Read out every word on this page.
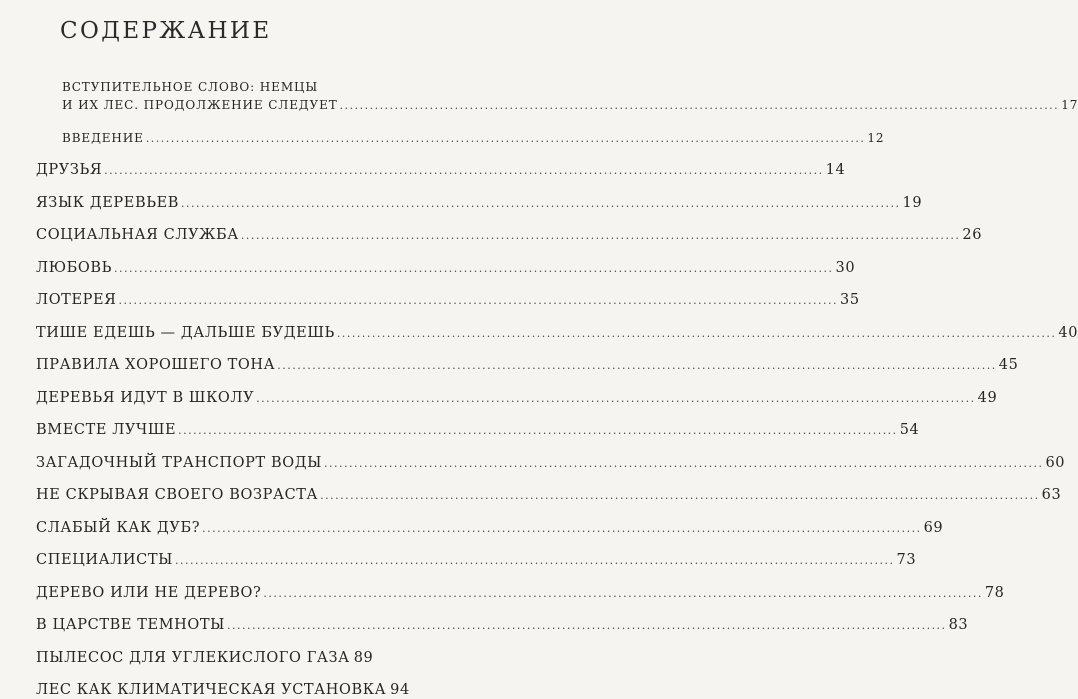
СОДЕРЖАНИЕ
ВСТУПИТЕЛЬНОЕ СЛОВО: НЕМЦЫ
И ИХ ЛЕС. ПРОДОЛЖЕНИЕ СЛЕДУЕТ .....	17
ВВЕДЕНИЕ .....	12
ДРУЗЬЯ .....	14
ЯЗЫК ДЕРЕВЬЕВ .....	19
СОЦИАЛЬНАЯ СЛУЖБА .....	26
ЛЮБОВЬ .....	30
ЛОТЕРЕЯ .....	35
ТИШЕ ЕДЕШЬ — ДАЛЬШЕ БУДЕШЬ .....	40
ПРАВИЛА ХОРОШЕГО ТОНА .....	45
ДЕРЕВЬЯ ИДУТ В ШКОЛУ .....	49
ВМЕСТЕ ЛУЧШЕ .....	54
ЗАГАДОЧНЫЙ ТРАНСПОРТ ВОДЫ .....	60
НЕ СКРЫВАЯ СВОЕГО ВОЗРАСТА .....	63
СЛАБЫЙ КАК ДУБ? .....	69
СПЕЦИАЛИСТЫ .....	73
ДЕРЕВО ИЛИ НЕ ДЕРЕВО? .....	78
В ЦАРСТВЕ ТЕМНОТЫ .....	83
ПЫЛЕСОС ДЛЯ УГЛЕКИСЛОГО ГАЗА 89
ЛЕС КАК КЛИМАТИЧЕСКАЯ УСТАНОВКА 94
